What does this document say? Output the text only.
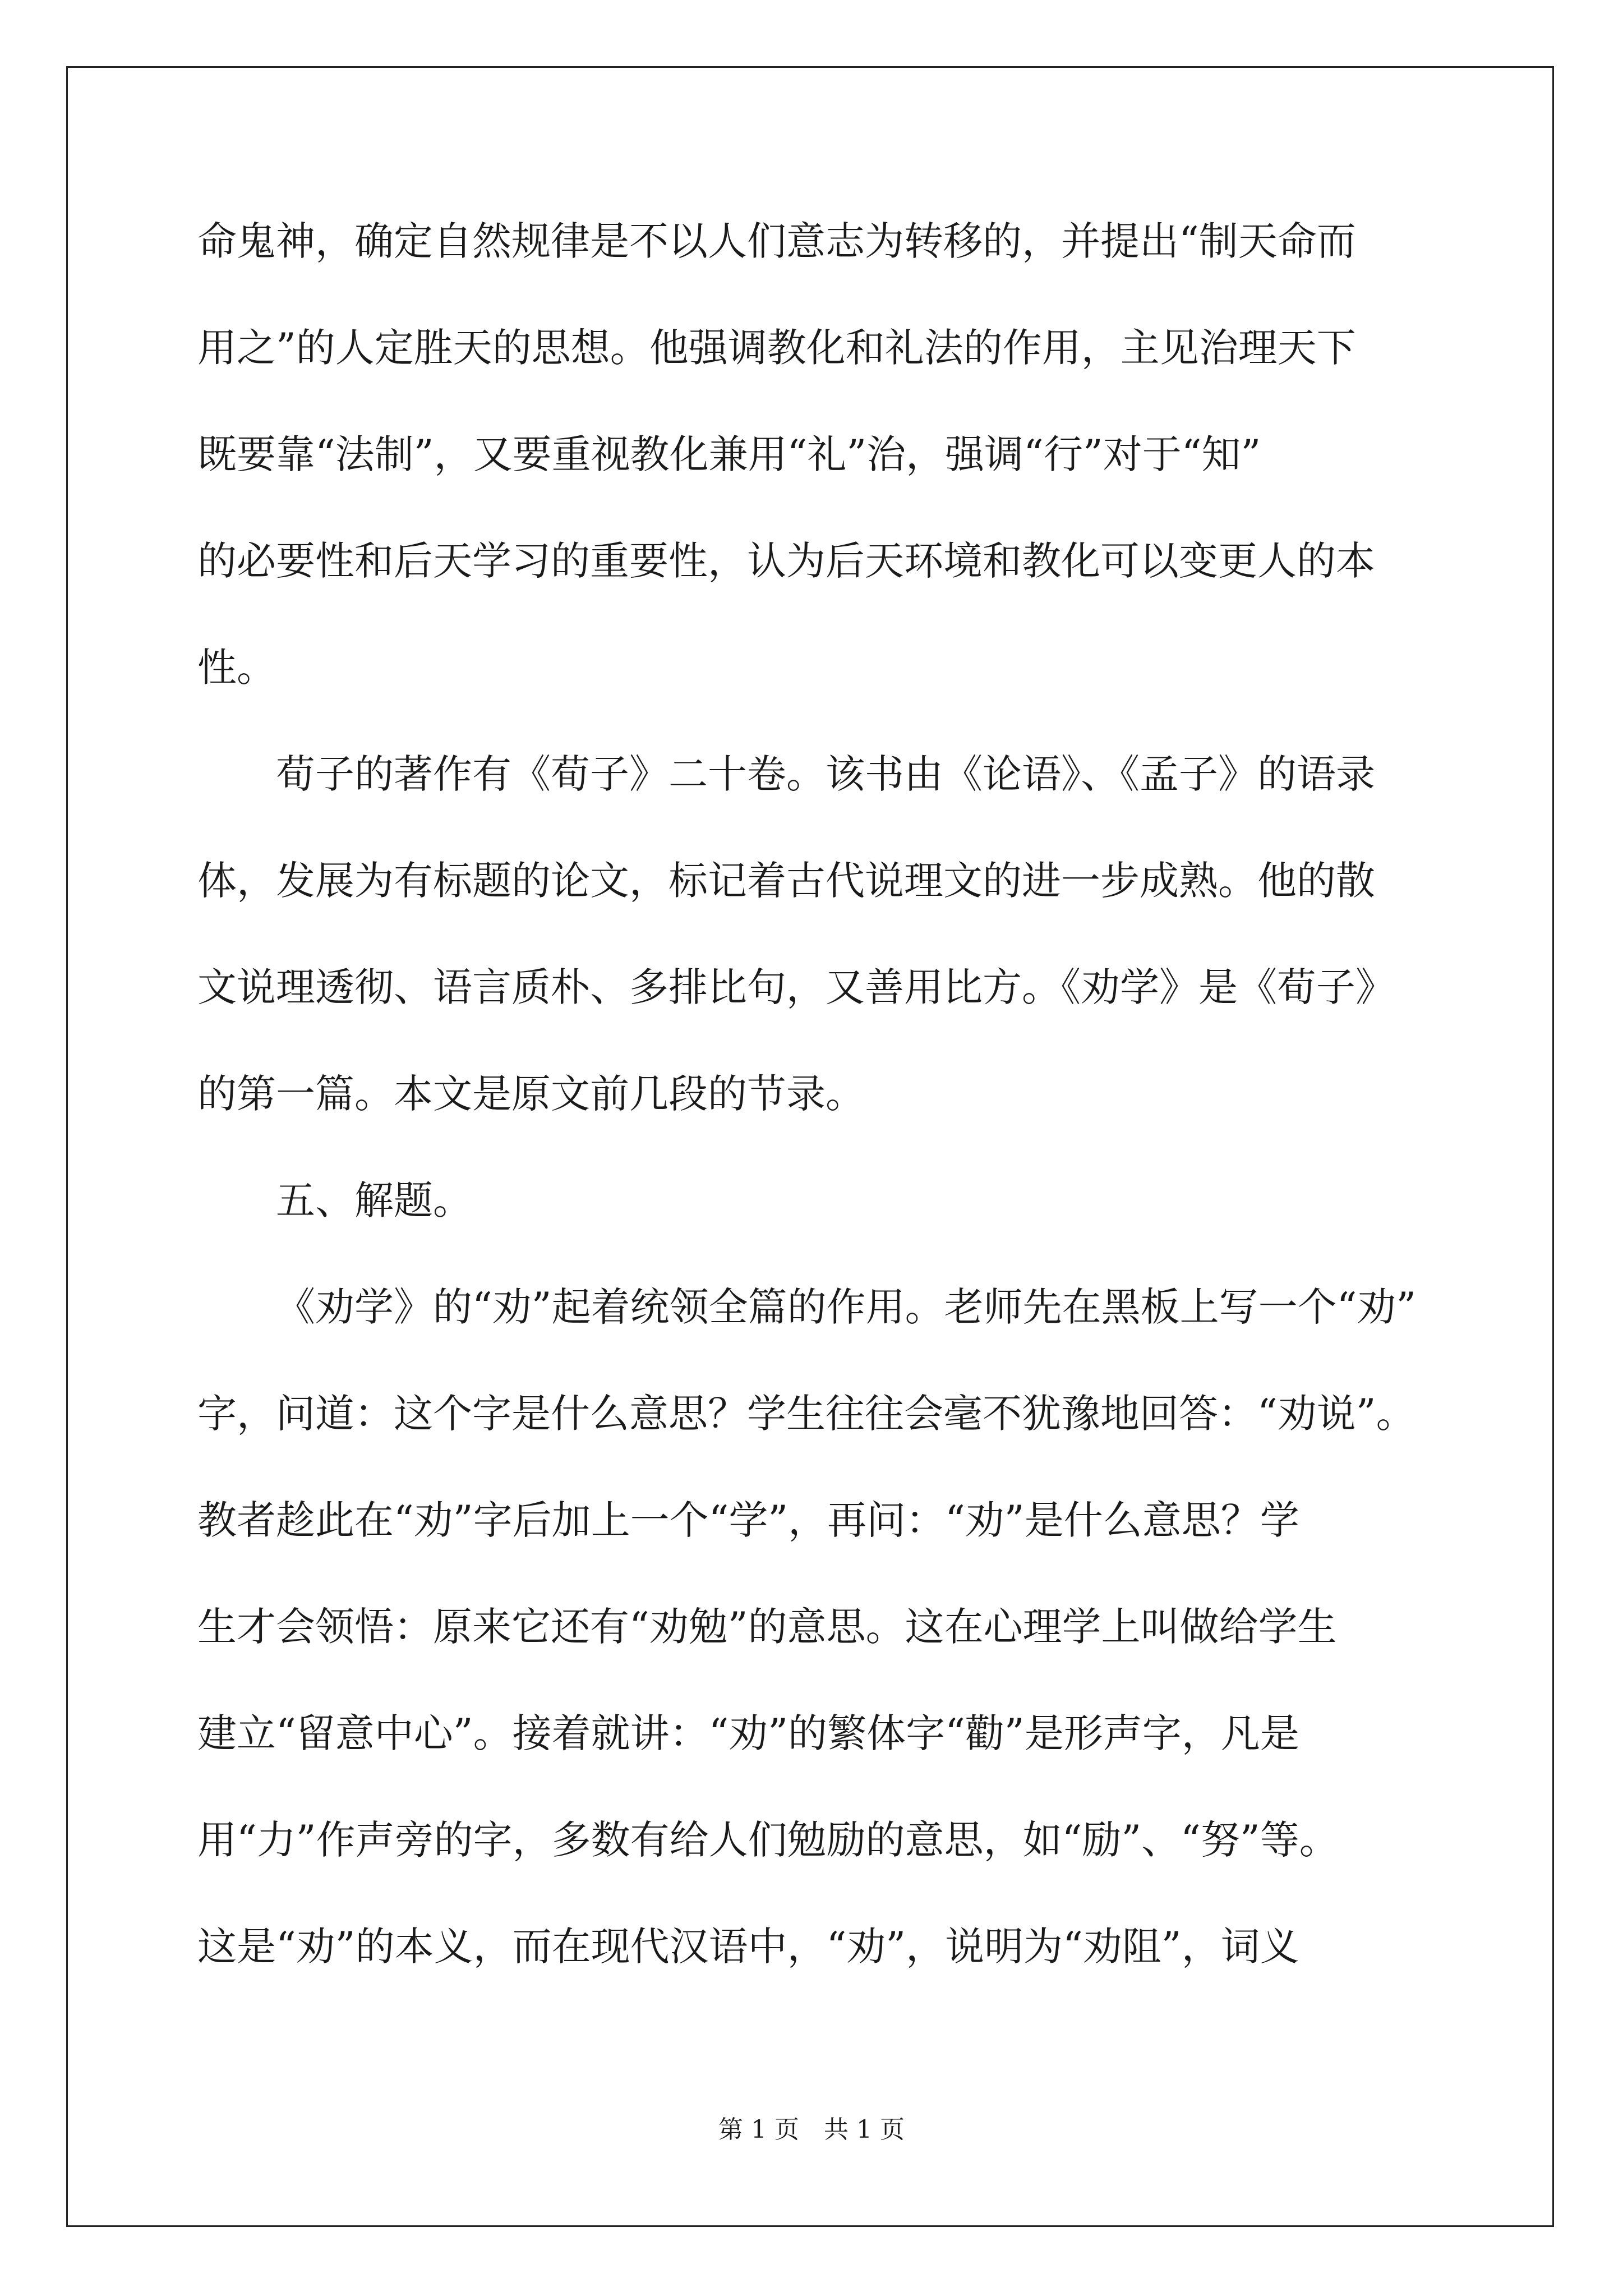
命鬼神，确定自然规律是不以人们意志为转移的，并提出“制天命而

用之”的人定胜天的思想。他强调教化和礼法的作用，主见治理天下

既要靠“法制”，又要重视教化兼用“礼”治，强调“行”对于“知”

的必要性和后天学习的重要性，认为后天环境和教化可以变更人的本

性。

荀子的著作有《荀子》二十卷。该书由《论语》、《孟子》的语录

体，发展为有标题的论文，标记着古代说理文的进一步成熟。他的散

文说理透彻、语言质朴、多排比句，又善用比方。《劝学》是《荀子》

的第一篇。本文是原文前几段的节录。

五、解题。

《劝学》的“劝”起着统领全篇的作用。老师先在黑板上写一个“劝”

字，问道：这个字是什么意思？学生往往会毫不犹豫地回答：“劝说”。

教者趁此在“劝”字后加上一个“学”，再问：“劝”是什么意思？学

生才会领悟：原来它还有“劝勉”的意思。这在心理学上叫做给学生

建立“留意中心”。接着就讲：“劝”的繁体字“勸”是形声字，凡是

用“力”作声旁的字，多数有给人们勉励的意思，如“励”、“努”等。

这是“劝”的本义，而在现代汉语中，“劝”，说明为“劝阻”，词义

第 1 页　共 1 页
